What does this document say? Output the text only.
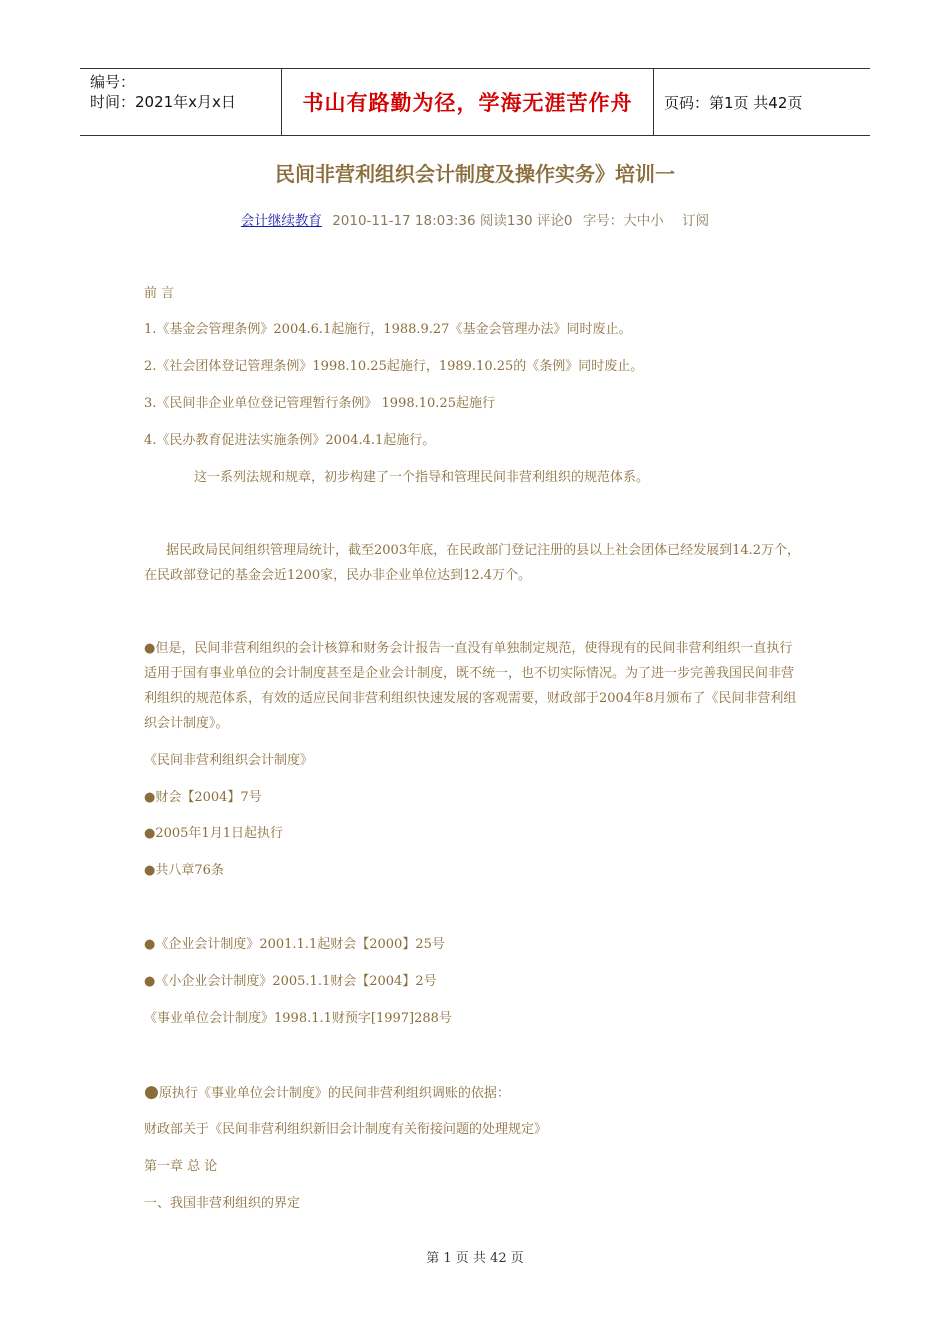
编号：
时间：2021年x月x日	书山有路勤为径，学海无涯苦作舟 页码：第1页 共42页
民间非营利组织会计制度及操作实务》培训一
会计继续教育 2010-11-17 18:03:36 阅读130 评论0 字号：大中小 订阅
前 言
1.《基金会管理条例》2004.6.1起施行，1988.9.27《基金会管理办法》同时废止。
2.《社会团体登记管理条例》1998.10.25起施行，1989.10.25的《条例》同时废止。
3.《民间非企业单位登记管理暂行条例》 1998.10.25起施行
4.《民办教育促进法实施条例》2004.4.1起施行。
这一系列法规和规章，初步构建了一个指导和管理民间非营利组织的规范体系。
据民政局民间组织管理局统计，截至2003年底，在民政部门登记注册的县以上社会团体已经发展到14.2万个，在民政部登记的基金会近1200家，民办非企业单位达到12.4万个。
●但是，民间非营利组织的会计核算和财务会计报告一直没有单独制定规范，使得现有的民间非营利组织一直执行适用于国有事业单位的会计制度甚至是企业会计制度，既不统一，也不切实际情况。为了进一步完善我国民间非营利组织的规范体系，有效的适应民间非营利组织快速发展的客观需要，财政部于2004年8月颁布了《民间非营利组织会计制度》。
《民间非营利组织会计制度》
●财会【2004】7号
●2005年1月1日起执行
●共八章76条
●《企业会计制度》2001.1.1起财会【2000】25号
●《小企业会计制度》2005.1.1财会【2004】2号
《事业单位会计制度》1998.1.1财预字[1997]288号
●原执行《事业单位会计制度》的民间非营利组织调账的依据：
财政部关于《民间非营利组织新旧会计制度有关衔接问题的处理规定》
第一章 总 论
一、我国非营利组织的界定
第 1 页 共 42 页
